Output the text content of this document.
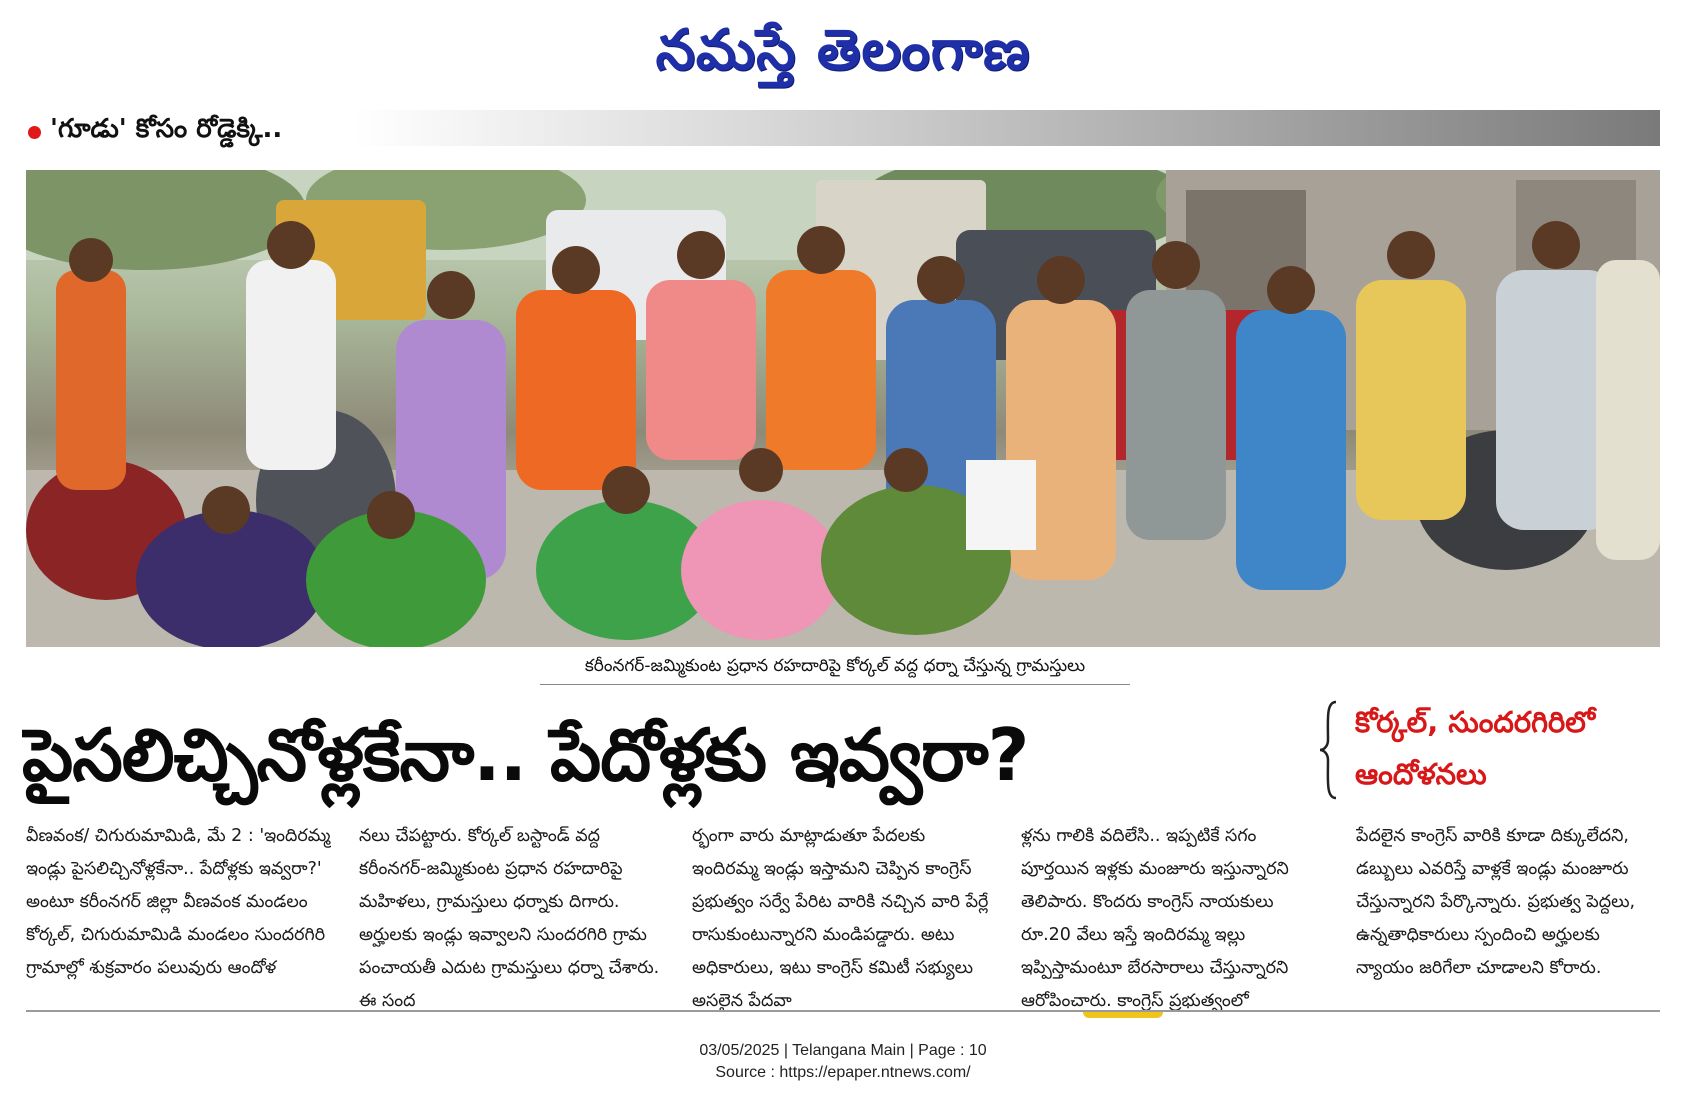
నమస్తే తెలంగాణ
'గూడు' కోసం రోడ్డెక్కి..
కరీంనగర్-జమ్మికుంట ప్రధాన రహదారిపై కోర్కల్ వద్ద ధర్నా చేస్తున్న గ్రామస్తులు
పైసలిచ్చినోళ్లకేనా.. పేదోళ్లకు ఇవ్వరా?	కోర్కల్, సుందరగిరిలో
ఆందోళనలు

వీణవంక/ చిగురుమామిడి, మే 2 : 'ఇందిరమ్మ ఇండ్లు పైసలిచ్చినోళ్లకేనా.. పేదోళ్లకు ఇవ్వరా?' అంటూ కరీంనగర్ జిల్లా వీణవంక మండలం కోర్కల్, చిగురుమామిడి మండలం సుందరగిరి గ్రామాల్లో శుక్రవారం పలువురు ఆందోళ

నలు చేపట్టారు. కోర్కల్ బస్టాండ్ వద్ద కరీంనగర్-జమ్మికుంట ప్రధాన రహదారిపై మహిళలు, గ్రామస్తులు ధర్నాకు దిగారు. అర్హులకు ఇండ్లు ఇవ్వాలని సుందరగిరి గ్రామ పంచాయతీ ఎదుట గ్రామస్తులు ధర్నా చేశారు. ఈ సంద

ర్భంగా వారు మాట్లాడుతూ పేదలకు ఇందిరమ్మ ఇండ్లు ఇస్తామని చెప్పిన కాంగ్రెస్ ప్రభుత్వం సర్వే పేరిట వారికి నచ్చిన వారి పేర్లే రాసుకుంటున్నారని మండిపడ్డారు. అటు అధికారులు, ఇటు కాంగ్రెస్ కమిటీ సభ్యులు అసలైన పేదవా

ళ్లను గాలికి వదిలేసి.. ఇప్పటికే సగం పూర్తయిన ఇళ్లకు మంజూరు ఇస్తున్నారని తెలిపారు. కొందరు కాంగ్రెస్ నాయకులు రూ.20 వేలు ఇస్తే ఇందిరమ్మ ఇల్లు ఇప్పిస్తామంటూ బేరసారాలు చేస్తున్నారని ఆరోపించారు. కాంగ్రెస్ ప్రభుత్వంలో

పేదలైన కాంగ్రెస్ వారికి కూడా దిక్కులేదని, డబ్బులు ఎవరిస్తే వాళ్లకే ఇండ్లు మంజూరు చేస్తున్నారని పేర్కొన్నారు. ప్రభుత్వ పెద్దలు, ఉన్నతాధికారులు స్పందించి అర్హులకు న్యాయం జరిగేలా చూడాలని కోరారు.

03/05/2025 | Telangana Main | Page : 10
Source : https://epaper.ntnews.com/
